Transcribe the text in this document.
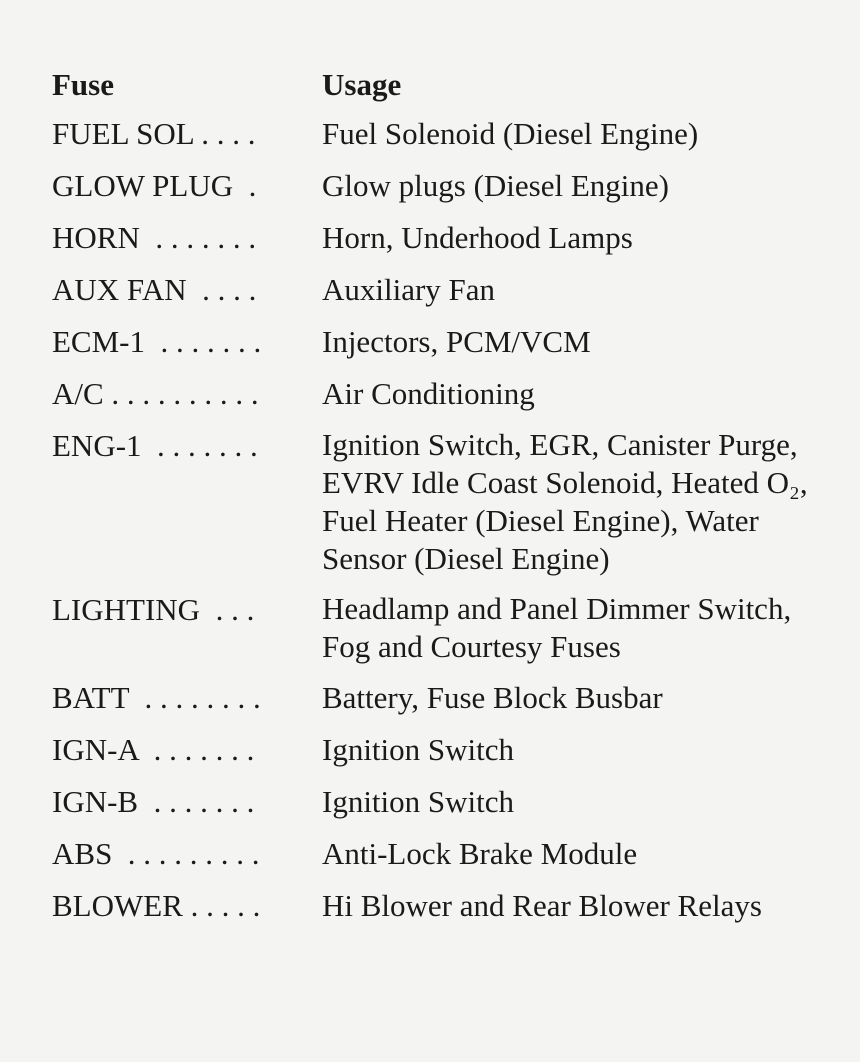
Fuse	Usage
FUEL SOL . . . .	Fuel Solenoid (Diesel Engine)
GLOW PLUG  .	Glow plugs (Diesel Engine)
HORN  . . . . . . .	Horn, Underhood Lamps
AUX FAN  . . . .	Auxiliary Fan
ECM-1  . . . . . . .	Injectors, PCM/VCM
A/C . . . . . . . . . .	Air Conditioning
ENG-1  . . . . . . .	Ignition Switch, EGR, Canister Purge, EVRV Idle Coast Solenoid, Heated O₂, Fuel Heater (Diesel Engine), Water Sensor (Diesel Engine)
LIGHTING  . . .	Headlamp and Panel Dimmer Switch, Fog and Courtesy Fuses
BATT  . . . . . . . .	Battery, Fuse Block Busbar
IGN-A  . . . . . . .	Ignition Switch
IGN-B  . . . . . . .	Ignition Switch
ABS  . . . . . . . . .	Anti-Lock Brake Module
BLOWER . . . . .	Hi Blower and Rear Blower Relays
